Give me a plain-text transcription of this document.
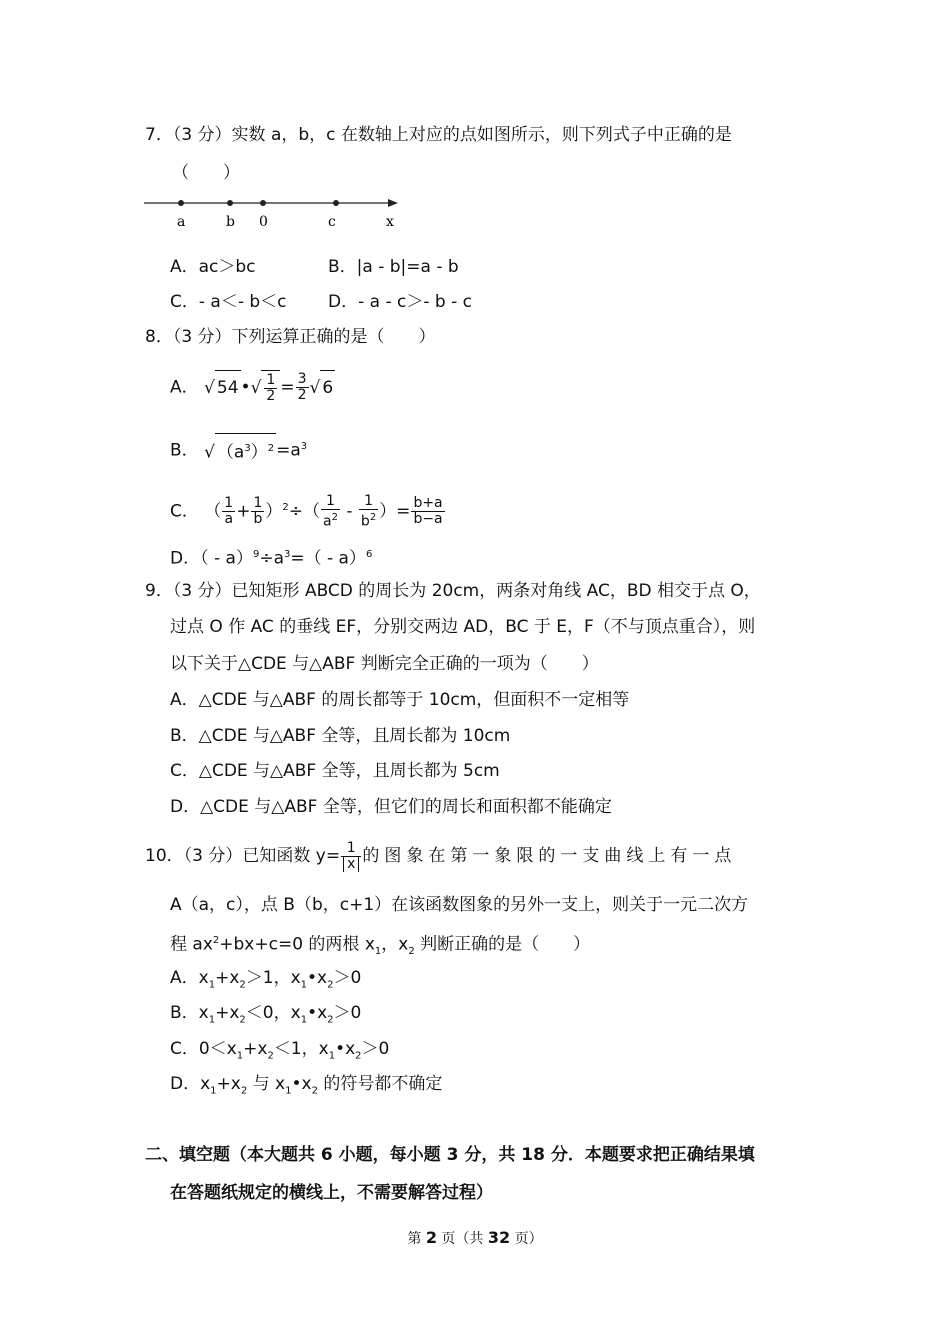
7．（3 分）实数 a，b，c 在数轴上对应的点如图所示，则下列式子中正确的是
（　　）
a	b 0	c	x
A．ac＞bc	B．|a - b|=a - b
C．- a＜- b＜c D．- a - c＞- b - c
8．（3 分）下列运算正确的是（　　）
A． √ 54 •√ $\frac{1}{2} = \frac{3}{2}$ √ 6
B． √ $(a^3)^2 =a^3$
C． （ $\frac{1}{a} + \frac{1}{b} )^2\div( \frac{1}{a^2} - \frac{1}{b^2}$ ）= $\frac{b+a}{b-a}$
D．（ - $a)^9\div a^3=( - a)^6$
9．（3 分）已知矩形 ABCD 的周长为 20cm，两条对角线 AC，BD 相交于点 O，
过点 O 作 AC 的垂线 EF，分别交两边 AD，BC 于 E，F（不与顶点重合），则
以下关于△CDE 与△ABF 判断完全正确的一项为（　　）
A．△CDE 与△ABF 的周长都等于 10cm，但面积不一定相等
B．△CDE 与△ABF 全等，且周长都为 10cm
C．△CDE 与△ABF 全等，且周长都为 5cm
D．△CDE 与△ABF 全等，但它们的周长和面积都不能确定
10．（3 分）已知函数 $y= \frac{1}{x}$ 的图象在第一象限的一支曲线上有一点
A（a，c），点 B（b，c+1）在该函数图象的另外一支上，则关于一元二次方
程 $ax^2+bx+c=0$ 的两根 $x_1$，$x_2$ 判断正确的是（　　）
A．$x_1+x_2>1$，$x_1•x_2>0$
B．$x_1+x_2<0$，$x_1•x_2>0$
C．$0<x_1+x_2<1$，$x_1•x_2>0$
D．$x_1+x_2$ 与 $x_1•x_2$ 的符号都不确定
二、填空题（本大题共 6 小题，每小题 3 分，共 18 分．本题要求把正确结果填
在答题纸规定的横线上，不需要解答过程）
第 2 页（共 32 页）
